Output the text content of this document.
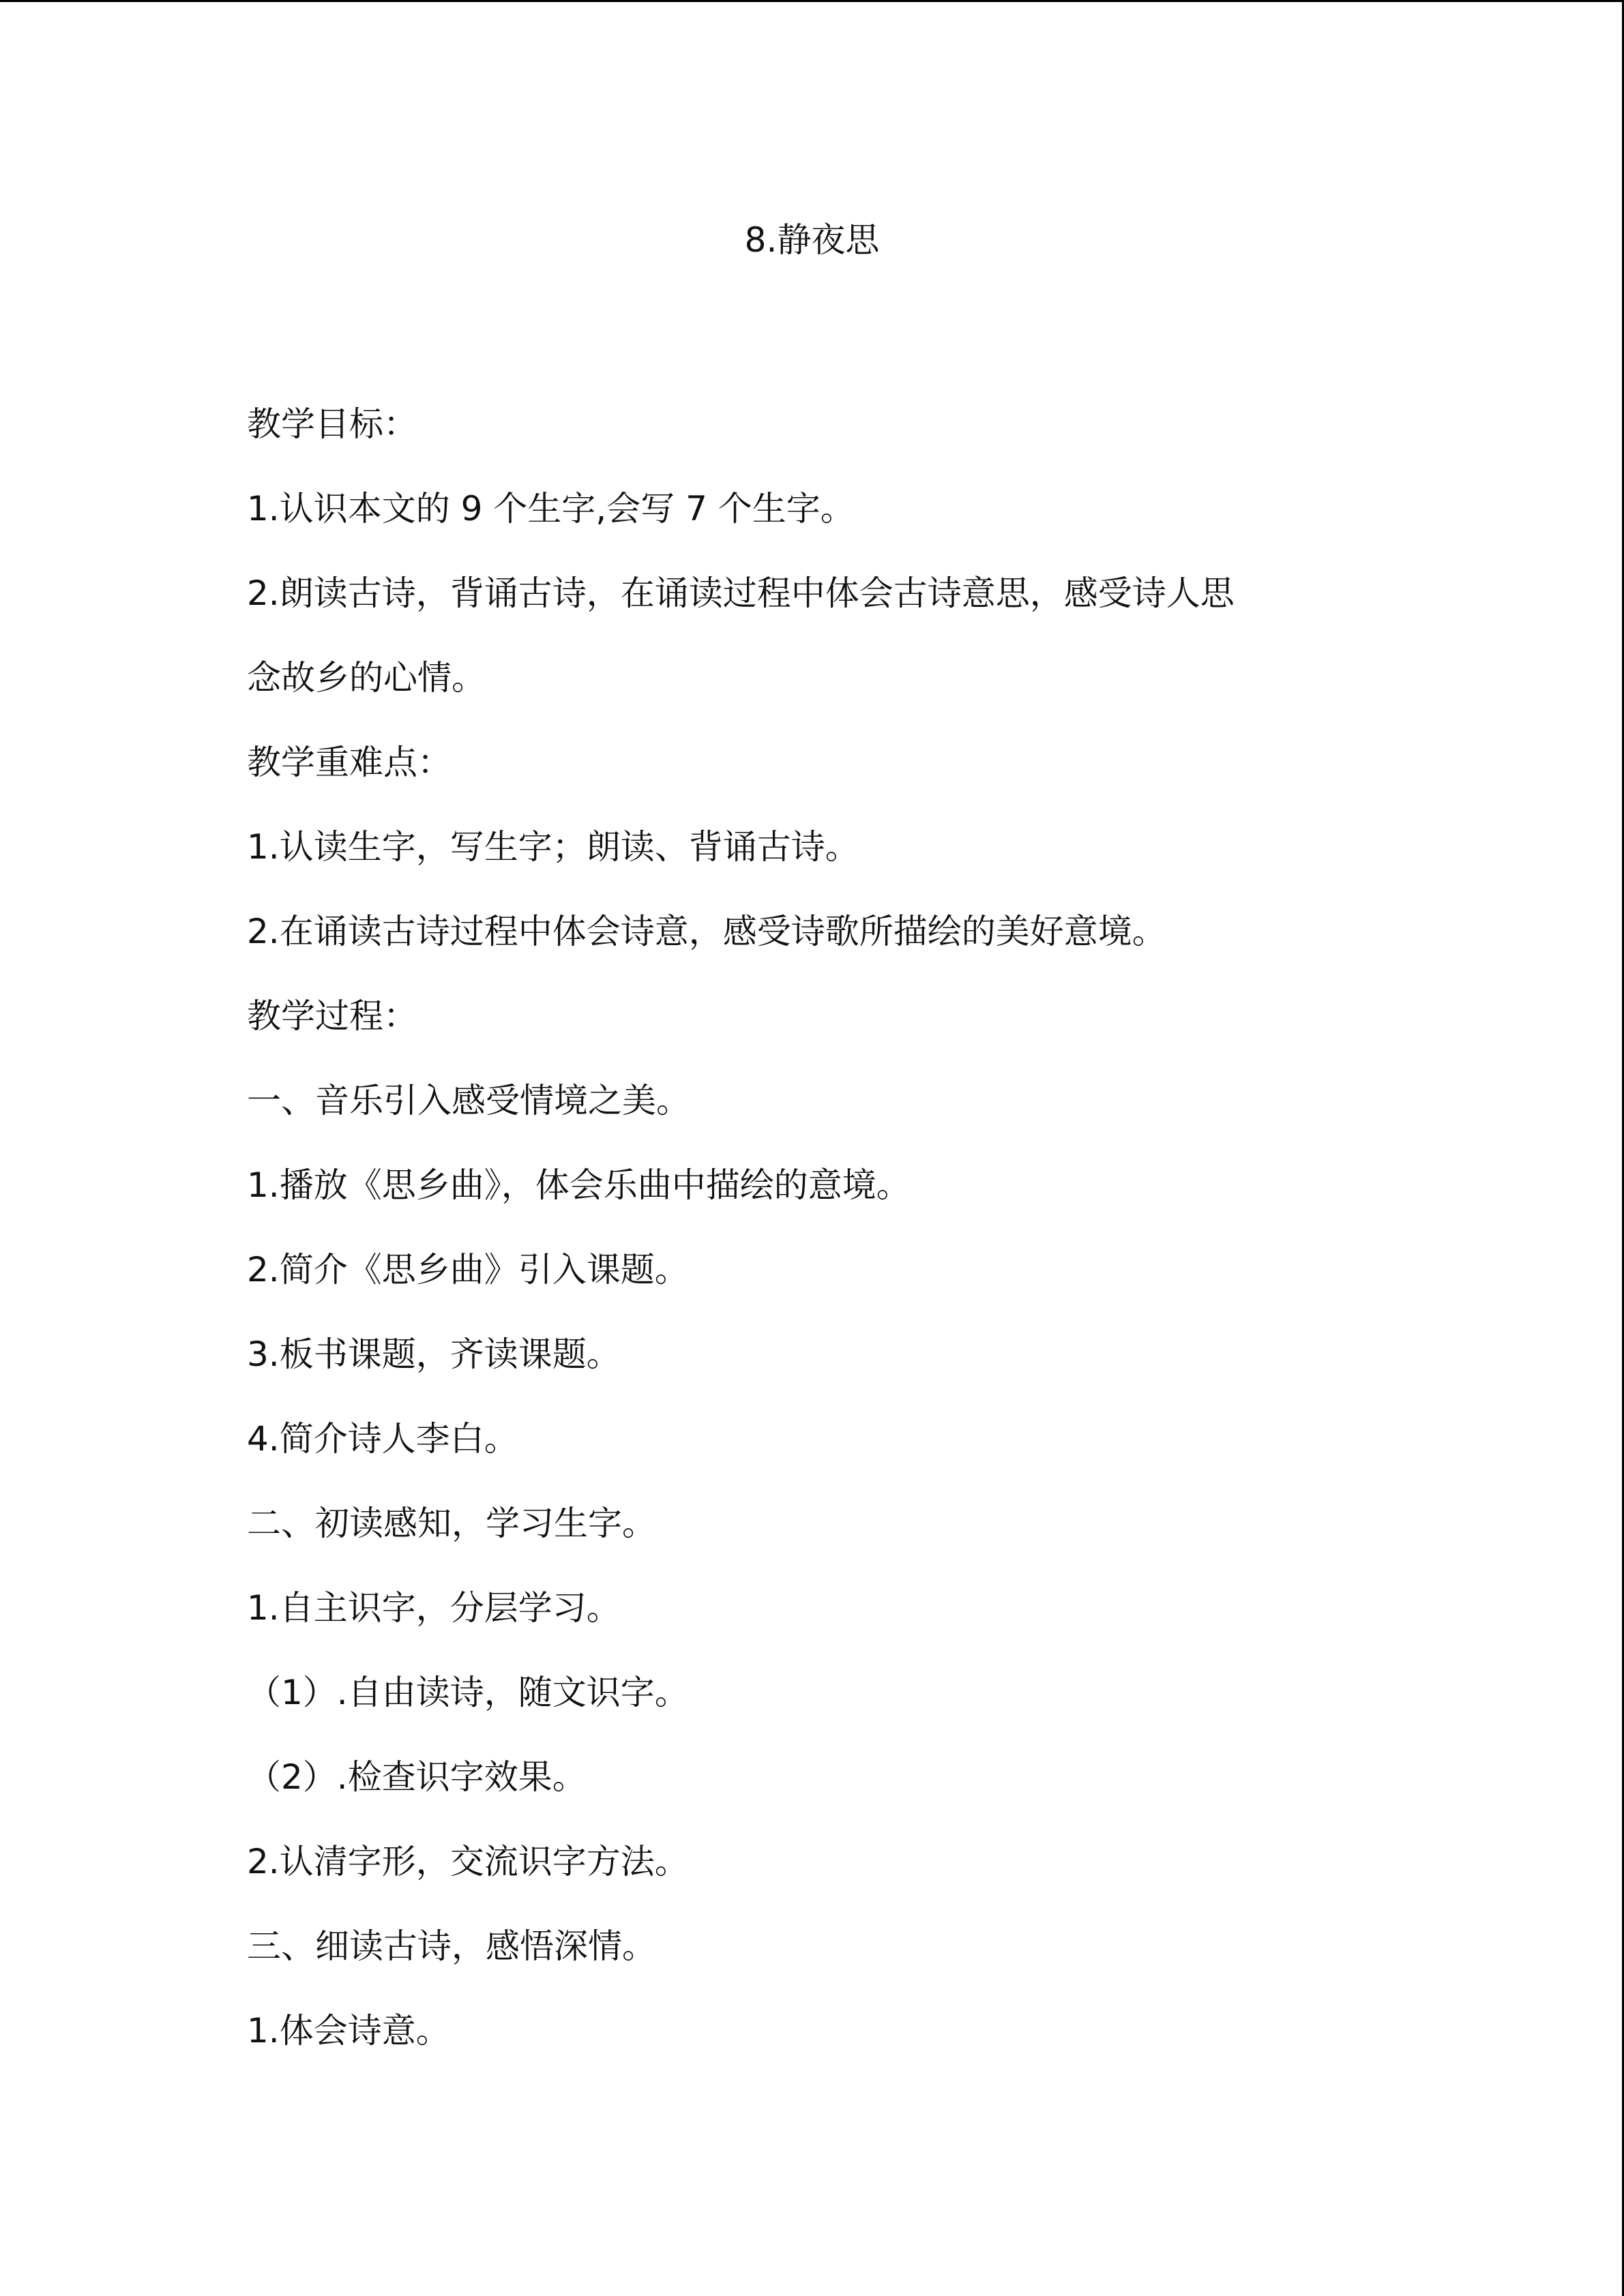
8.静夜思

教学目标：

1.认识本文的 9 个生字,会写 7 个生字。

2.朗读古诗，背诵古诗，在诵读过程中体会古诗意思，感受诗人思

念故乡的心情。

教学重难点：

1.认读生字，写生字；朗读、背诵古诗。

2.在诵读古诗过程中体会诗意，感受诗歌所描绘的美好意境。

教学过程：

一、音乐引入感受情境之美。

1.播放《思乡曲》，体会乐曲中描绘的意境。

2.简介《思乡曲》引入课题。

3.板书课题，齐读课题。

4.简介诗人李白。

二、初读感知，学习生字。

1.自主识字，分层学习。

（1）.自由读诗，随文识字。

（2）.检查识字效果。

2.认清字形，交流识字方法。

三、细读古诗，感悟深情。

1.体会诗意。
